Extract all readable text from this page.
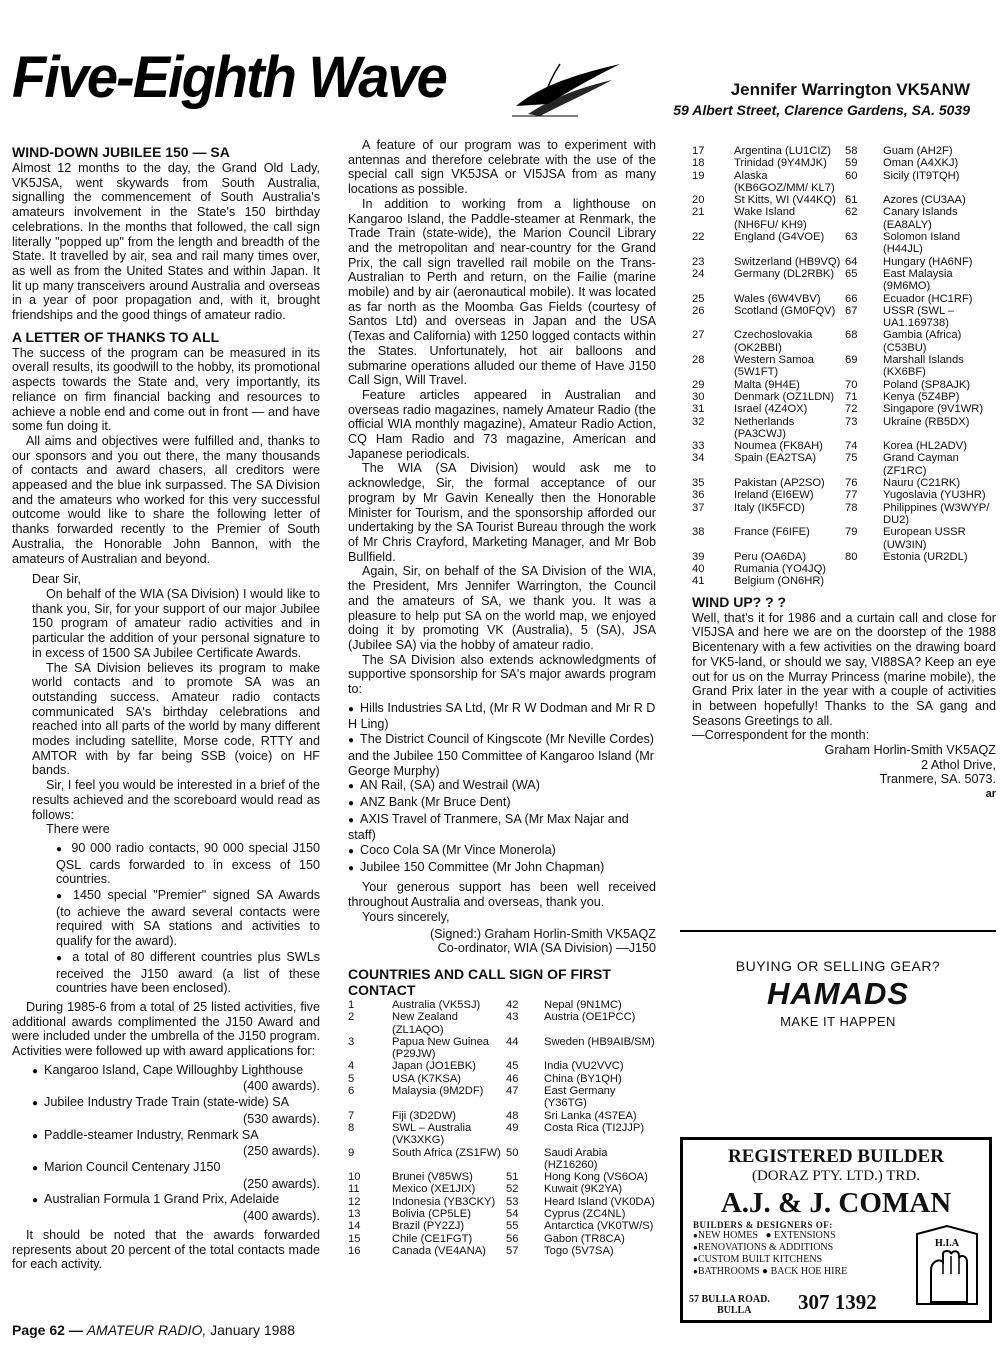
Five-Eighth Wave	Jennifer Warrington VK5ANW
59 Albert Street, Clarence Gardens, SA. 5039
WIND-DOWN JUBILEE 150 — SA

Almost 12 months to the day, the Grand Old Lady, VK5JSA, went skywards from South Australia, signalling the commencement of South Australia's amateurs involvement in the State's 150 birthday celebrations. In the months that followed, the call sign literally "popped up" from the length and breadth of the State. It travelled by air, sea and rail many times over, as well as from the United States and within Japan. It lit up many transceivers around Australia and overseas in a year of poor propagation and, with it, brought friendships and the good things of amateur radio.

A LETTER OF THANKS TO ALL

The success of the program can be measured in its overall results, its goodwill to the hobby, its promotional aspects towards the State and, very importantly, its reliance on firm financial backing and resources to achieve a noble end and come out in front — and have some fun doing it.

All aims and objectives were fulfilled and, thanks to our sponsors and you out there, the many thousands of contacts and award chasers, all creditors were appeased and the blue ink surpassed. The SA Division and the amateurs who worked for this very successful outcome would like to share the following letter of thanks forwarded recently to the Premier of South Australia, the Honorable John Bannon, with the amateurs of Australian and beyond.

Dear Sir,

On behalf of the WIA (SA Division) I would like to thank you, Sir, for your support of our major Jubilee 150 program of amateur radio activities and in particular the addition of your personal signature to in excess of 1500 SA Jubilee Certificate Awards.

The SA Division believes its program to make world contacts and to promote SA was an outstanding success. Amateur radio contacts communicated SA's birthday celebrations and reached into all parts of the world by many different modes including satellite, Morse code, RTTY and AMTOR with by far being SSB (voice) on HF bands.

Sir, I feel you would be interested in a brief of the results achieved and the scoreboard would read as follows:

There were

● 90 000 radio contacts, 90 000 special J150 QSL cards forwarded to in excess of 150 countries.
● 1450 special "Premier" signed SA Awards (to achieve the award several contacts were required with SA stations and activities to qualify for the award).
● a total of 80 different countries plus SWLs received the J150 award (a list of these countries have been enclosed).

During 1985-6 from a total of 25 listed activities, five additional awards complimented the J150 Award and were included under the umbrella of the J150 program. Activities were followed up with award applications for:

● Kangaroo Island, Cape Willoughby Lighthouse
(400 awards).
● Jubilee Industry Trade Train (state-wide) SA
(530 awards).
● Paddle-steamer Industry, Renmark SA
(250 awards).
● Marion Council Centenary J150
(250 awards).
● Australian Formula 1 Grand Prix, Adelaide
(400 awards).

It should be noted that the awards forwarded represents about 20 percent of the total contacts made for each activity.

A feature of our program was to experiment with antennas and therefore celebrate with the use of the special call sign VK5JSA or VI5JSA from as many locations as possible.

In addition to working from a lighthouse on Kangaroo Island, the Paddle-steamer at Renmark, the Trade Train (state-wide), the Marion Council Library and the metropolitan and near-country for the Grand Prix, the call sign travelled rail mobile on the Trans-Australian to Perth and return, on the Failie (marine mobile) and by air (aeronautical mobile). It was located as far north as the Moomba Gas Fields (courtesy of Santos Ltd) and overseas in Japan and the USA (Texas and California) with 1250 logged contacts within the States. Unfortunately, hot air balloons and submarine operations alluded our theme of Have J150 Call Sign, Will Travel.

Feature articles appeared in Australian and overseas radio magazines, namely Amateur Radio (the official WIA monthly magazine), Amateur Radio Action, CQ Ham Radio and 73 magazine, American and Japanese periodicals.

The WIA (SA Division) would ask me to acknowledge, Sir, the formal acceptance of our program by Mr Gavin Keneally then the Honorable Minister for Tourism, and the sponsorship afforded our undertaking by the SA Tourist Bureau through the work of Mr Chris Crayford, Marketing Manager, and Mr Bob Bullfield.

Again, Sir, on behalf of the SA Division of the WIA, the President, Mrs Jennifer Warrington, the Council and the amateurs of SA, we thank you. It was a pleasure to help put SA on the world map, we enjoyed doing it by promoting VK (Australia), 5 (SA), JSA (Jubilee SA) via the hobby of amateur radio.

The SA Division also extends acknowledgments of supportive sponsorship for SA's major awards program to:

● Hills Industries SA Ltd, (Mr R W Dodman and Mr R D H Ling)
● The District Council of Kingscote (Mr Neville Cordes) and the Jubilee 150 Committee of Kangaroo Island (Mr George Murphy)
● AN Rail, (SA) and Westrail (WA)
● ANZ Bank (Mr Bruce Dent)
● AXIS Travel of Tranmere, SA (Mr Max Najar and staff)
● Coco Cola SA (Mr Vince Monerola)
● Jubilee 150 Committee (Mr John Chapman)

Your generous support has been well received throughout Australia and overseas, thank you.

Yours sincerely,

(Signed:) Graham Horlin-Smith VK5AQZ
Co-ordinator, WIA (SA Division) —J150
COUNTRIES AND CALL SIGN OF FIRST CONTACT
1	Australia (VK5SJ)	42	Nepal (9N1MC)
2	New Zealand (ZL1AQO)	43	Austria (OE1PCC)
3	Papua New Guinea (P29JW)	44	Sweden (HB9AIB/SM)
4	Japan (JO1EBK)	45	India (VU2VVC)
5	USA (K7KSA)	46	China (BY1QH)
6	Malaysia (9M2DF)	47	East Germany (Y36TG)
7	Fiji (3D2DW)	48	Sri Lanka (4S7EA)
8	SWL – Australia (VK3XKG)	49	Costa Rica (TI2JJP)
9	South Africa (ZS1FW)	50	Saudi Arabia (HZ16260)
10	Brunei (V85WS)	51	Hong Kong (VS6OA)
11	Mexico (XE1JIX)	52	Kuwait (9K2YA)
12	Indonesia (YB3CKY)	53	Heard Island (VK0DA)
13	Bolivia (CP5LE)	54	Cyprus (ZC4NL)
14	Brazil (PY2ZJ)	55	Antarctica (VK0TW/S)
15	Chile (CE1FGT)	56	Gabon (TR8CA)
16	Canada (VE4ANA)	57	Togo (5V7SA)
17	Argentina (LU1CIZ)	58	Guam (AH2F)
18	Trinidad (9Y4MJK)	59	Oman (A4XKJ)
19	Alaska (KB6GOZ/MM/ KL7)	60	Sicily (IT9TQH)
20	St Kitts, WI (V44KQ)	61	Azores (CU3AA)
21	Wake Island (NH6FU/ KH9)	62	Canary Islands (EA8ALY)
22	England (G4VOE)	63	Solomon Island (H44JL)
23	Switzerland (HB9VQ)	64	Hungary (HA6NF)
24	Germany (DL2RBK)	65	East Malaysia (9M6MO)
25	Wales (6W4VBV)	66	Ecuador (HC1RF)
26	Scotland (GM0FQV)	67	USSR (SWL – UA1.169738)
27	Czechoslovakia (OK2BBI)	68	Gambia (Africa) (C53BU)
28	Western Samoa (5W1FT)	69	Marshall Islands (KX6BF)
29	Malta (9H4E)	70	Poland (SP8AJK)
30	Denmark (OZ1LDN)	71	Kenya (5Z4BP)
31	Israel (4Z4OX)	72	Singapore (9V1WR)
32	Netherlands (PA3CWJ)	73	Ukraine (RB5DX)
33	Noumea (FK8AH)	74	Korea (HL2ADV)
34	Spain (EA2TSA)	75	Grand Cayman (ZF1RC)
35	Pakistan (AP2SO)	76	Nauru (C21RK)
36	Ireland (EI6EW)	77	Yugoslavia (YU3HR)
37	Italy (IK5FCD)	78	Philippines (W3WYP/ DU2)
38	France (F6IFE)	79	European USSR (UW3IN)
39	Peru (OA6DA)	80	Estonia (UR2DL)
40	Rumania (YO4JQ)		
41	Belgium (ON6HR)		
WIND UP? ? ?

Well, that's it for 1986 and a curtain call and close for VI5JSA and here we are on the doorstep of the 1988 Bicentenary with a few activities on the drawing board for VK5-land, or should we say, VI88SA? Keep an eye out for us on the Murray Princess (marine mobile), the Grand Prix later in the year with a couple of activities in between hopefully! Thanks to the SA gang and Seasons Greetings to all.

—Correspondent for the month:

Graham Horlin-Smith VK5AQZ
2 Athol Drive,
Tranmere, SA. 5073.
ar
BUYING OR SELLING GEAR?
HAMADS
MAKE IT HAPPEN
REGISTERED BUILDER
(DORAZ PTY. LTD.) TRD.
A.J. & J. COMAN
BUILDERS & DESIGNERS OF:
● NEW HOMES   ● EXTENSIONS
● RENOVATIONS & ADDITIONS
● CUSTOM BUILT KITCHENS
● BATHROOMS ● BACK HOE HIRE
57 BULLA ROAD.
BULLA	307 1392
H.I.A
Page 62 — AMATEUR RADIO, January 1988
